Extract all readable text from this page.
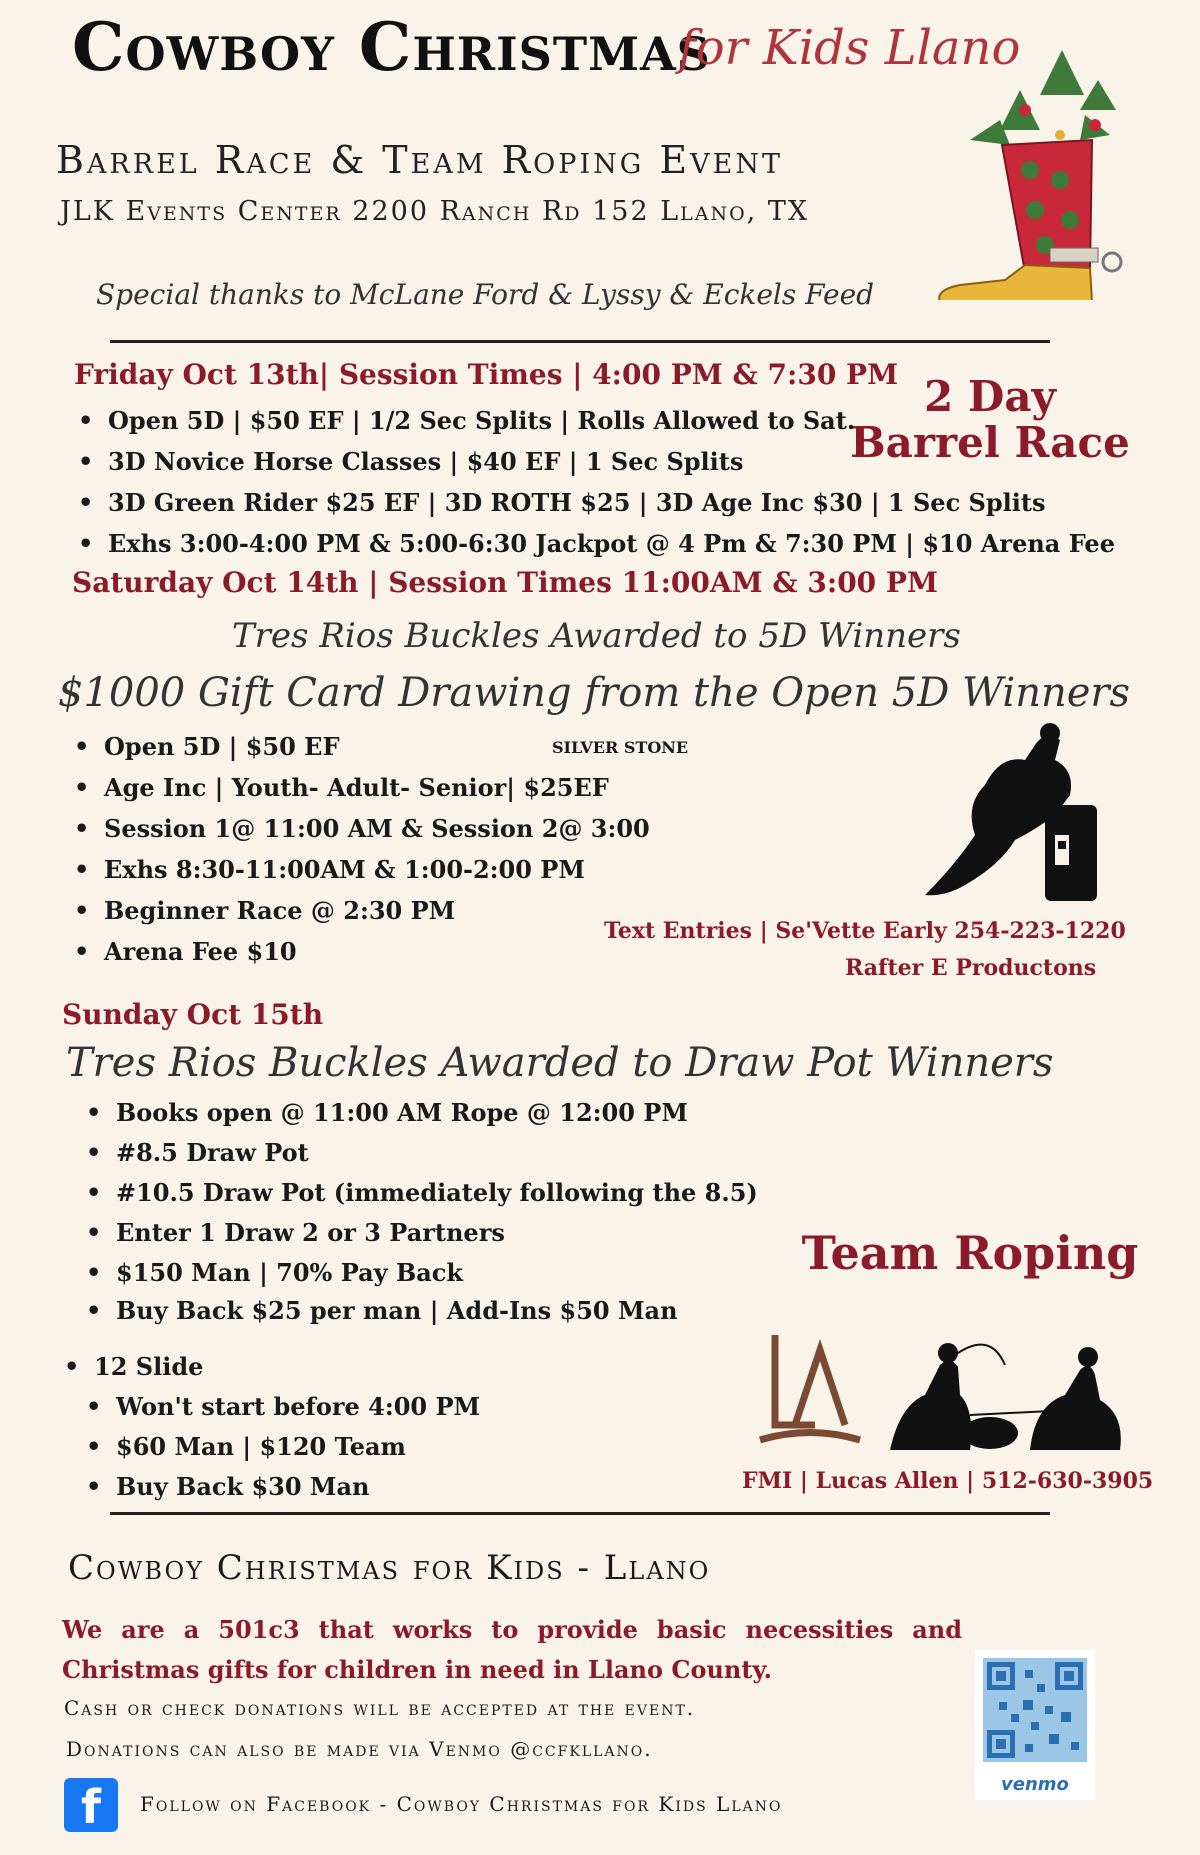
Cowboy Christmas
for Kids Llano
Barrel Race & Team Roping Event
JLK Events Center 2200 Ranch Rd 152 Llano, TX
Special thanks to McLane Ford & Lyssy & Eckels Feed
Friday Oct 13th| Session Times | 4:00 PM & 7:30 PM 2 Day
Barrel Race
• Open 5D | $50 EF | 1/2 Sec Splits | Rolls Allowed to Sat.
• 3D Novice Horse Classes | $40 EF | 1 Sec Splits
• 3D Green Rider $25 EF | 3D ROTH $25 | 3D Age Inc $30 | 1 Sec Splits
• Exhs 3:00-4:00 PM & 5:00-6:30 Jackpot @ 4 Pm & 7:30 PM | $10 Arena Fee
Saturday Oct 14th | Session Times 11:00AM & 3:00 PM
Tres Rios Buckles Awarded to 5D Winners
$1000 Gift Card Drawing from the Open 5D Winners
SILVER STONE
• Open 5D | $50 EF
• Age Inc | Youth- Adult- Senior| $25EF
• Session 1@ 11:00 AM & Session 2@ 3:00
• Exhs 8:30-11:00AM & 1:00-2:00 PM
• Beginner Race @ 2:30 PM
• Arena Fee $10
Text Entries | Se'Vette Early 254-223-1220
Rafter E Productons
Sunday Oct 15th
Tres Rios Buckles Awarded to Draw Pot Winners
• Books open @ 11:00 AM Rope @ 12:00 PM
• #8.5 Draw Pot
• #10.5 Draw Pot (immediately following the 8.5)
• Enter 1 Draw 2 or 3 Partners
• $150 Man | 70% Pay Back
• Buy Back $25 per man | Add-Ins $50 Man
Team Roping
• 12 Slide
• Won't start before 4:00 PM
• $60 Man | $120 Team
• Buy Back $30 Man	FMI | Lucas Allen | 512-630-3905
Cowboy Christmas for Kids - Llano
We are a 501c3 that works to provide basic necessities and Christmas gifts for children in need in Llano County.
Cash or check donations will be accepted at the event.
Donations can also be made via Venmo @ccfkllano.
venmo
f Follow on Facebook - Cowboy Christmas for Kids Llano
